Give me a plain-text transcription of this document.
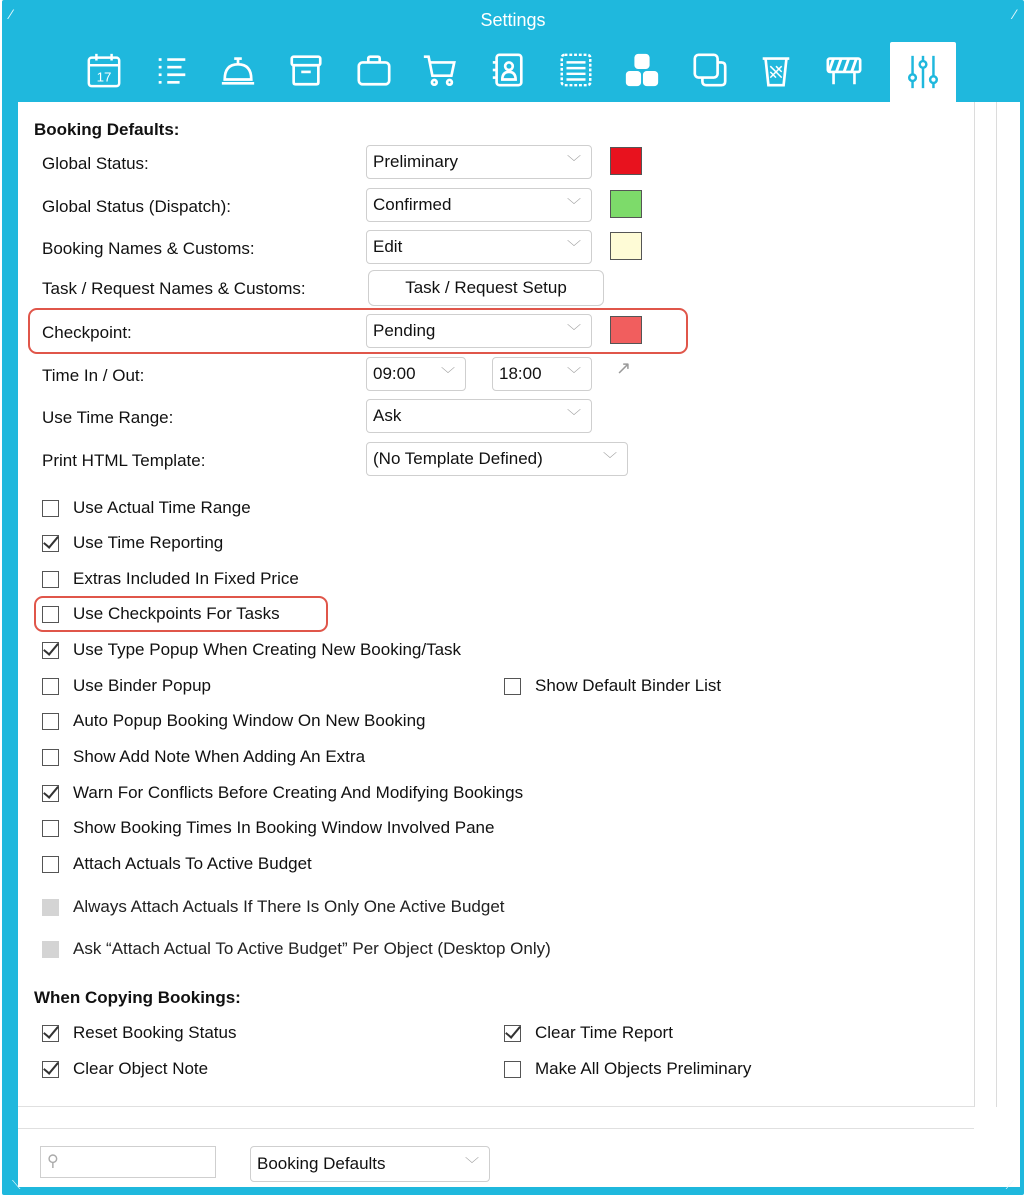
Settings
⁄	⁄
17
Booking Defaults:
Global Status:	Preliminary	﹀
Global Status (Dispatch):	Confirmed	﹀
Booking Names & Customs:	Edit	﹀
Task / Request Names & Customs:	Task / Request Setup
Checkpoint:	Pending	﹀
Time In / Out:	09:00 ﹀	18:00 ﹀ ↗
Use Time Range:	Ask	﹀
Print HTML Template:	(No Template Defined)	﹀
Use Actual Time Range
Use Time Reporting
Extras Included In Fixed Price
Use Checkpoints For Tasks
Use Type Popup When Creating New Booking/Task
Use Binder Popup	Show Default Binder List
Auto Popup Booking Window On New Booking
Show Add Note When Adding An Extra
Warn For Conflicts Before Creating And Modifying Bookings
Show Booking Times In Booking Window Involved Pane
Attach Actuals To Active Budget
Always Attach Actuals If There Is Only One Active Budget
Ask “Attach Actual To Active Budget” Per Object (Desktop Only)
When Copying Bookings:
Reset Booking Status	Clear Time Report
Clear Object Note	Make All Objects Preliminary
⚲	Booking Defaults	﹀
⟍	⟋
